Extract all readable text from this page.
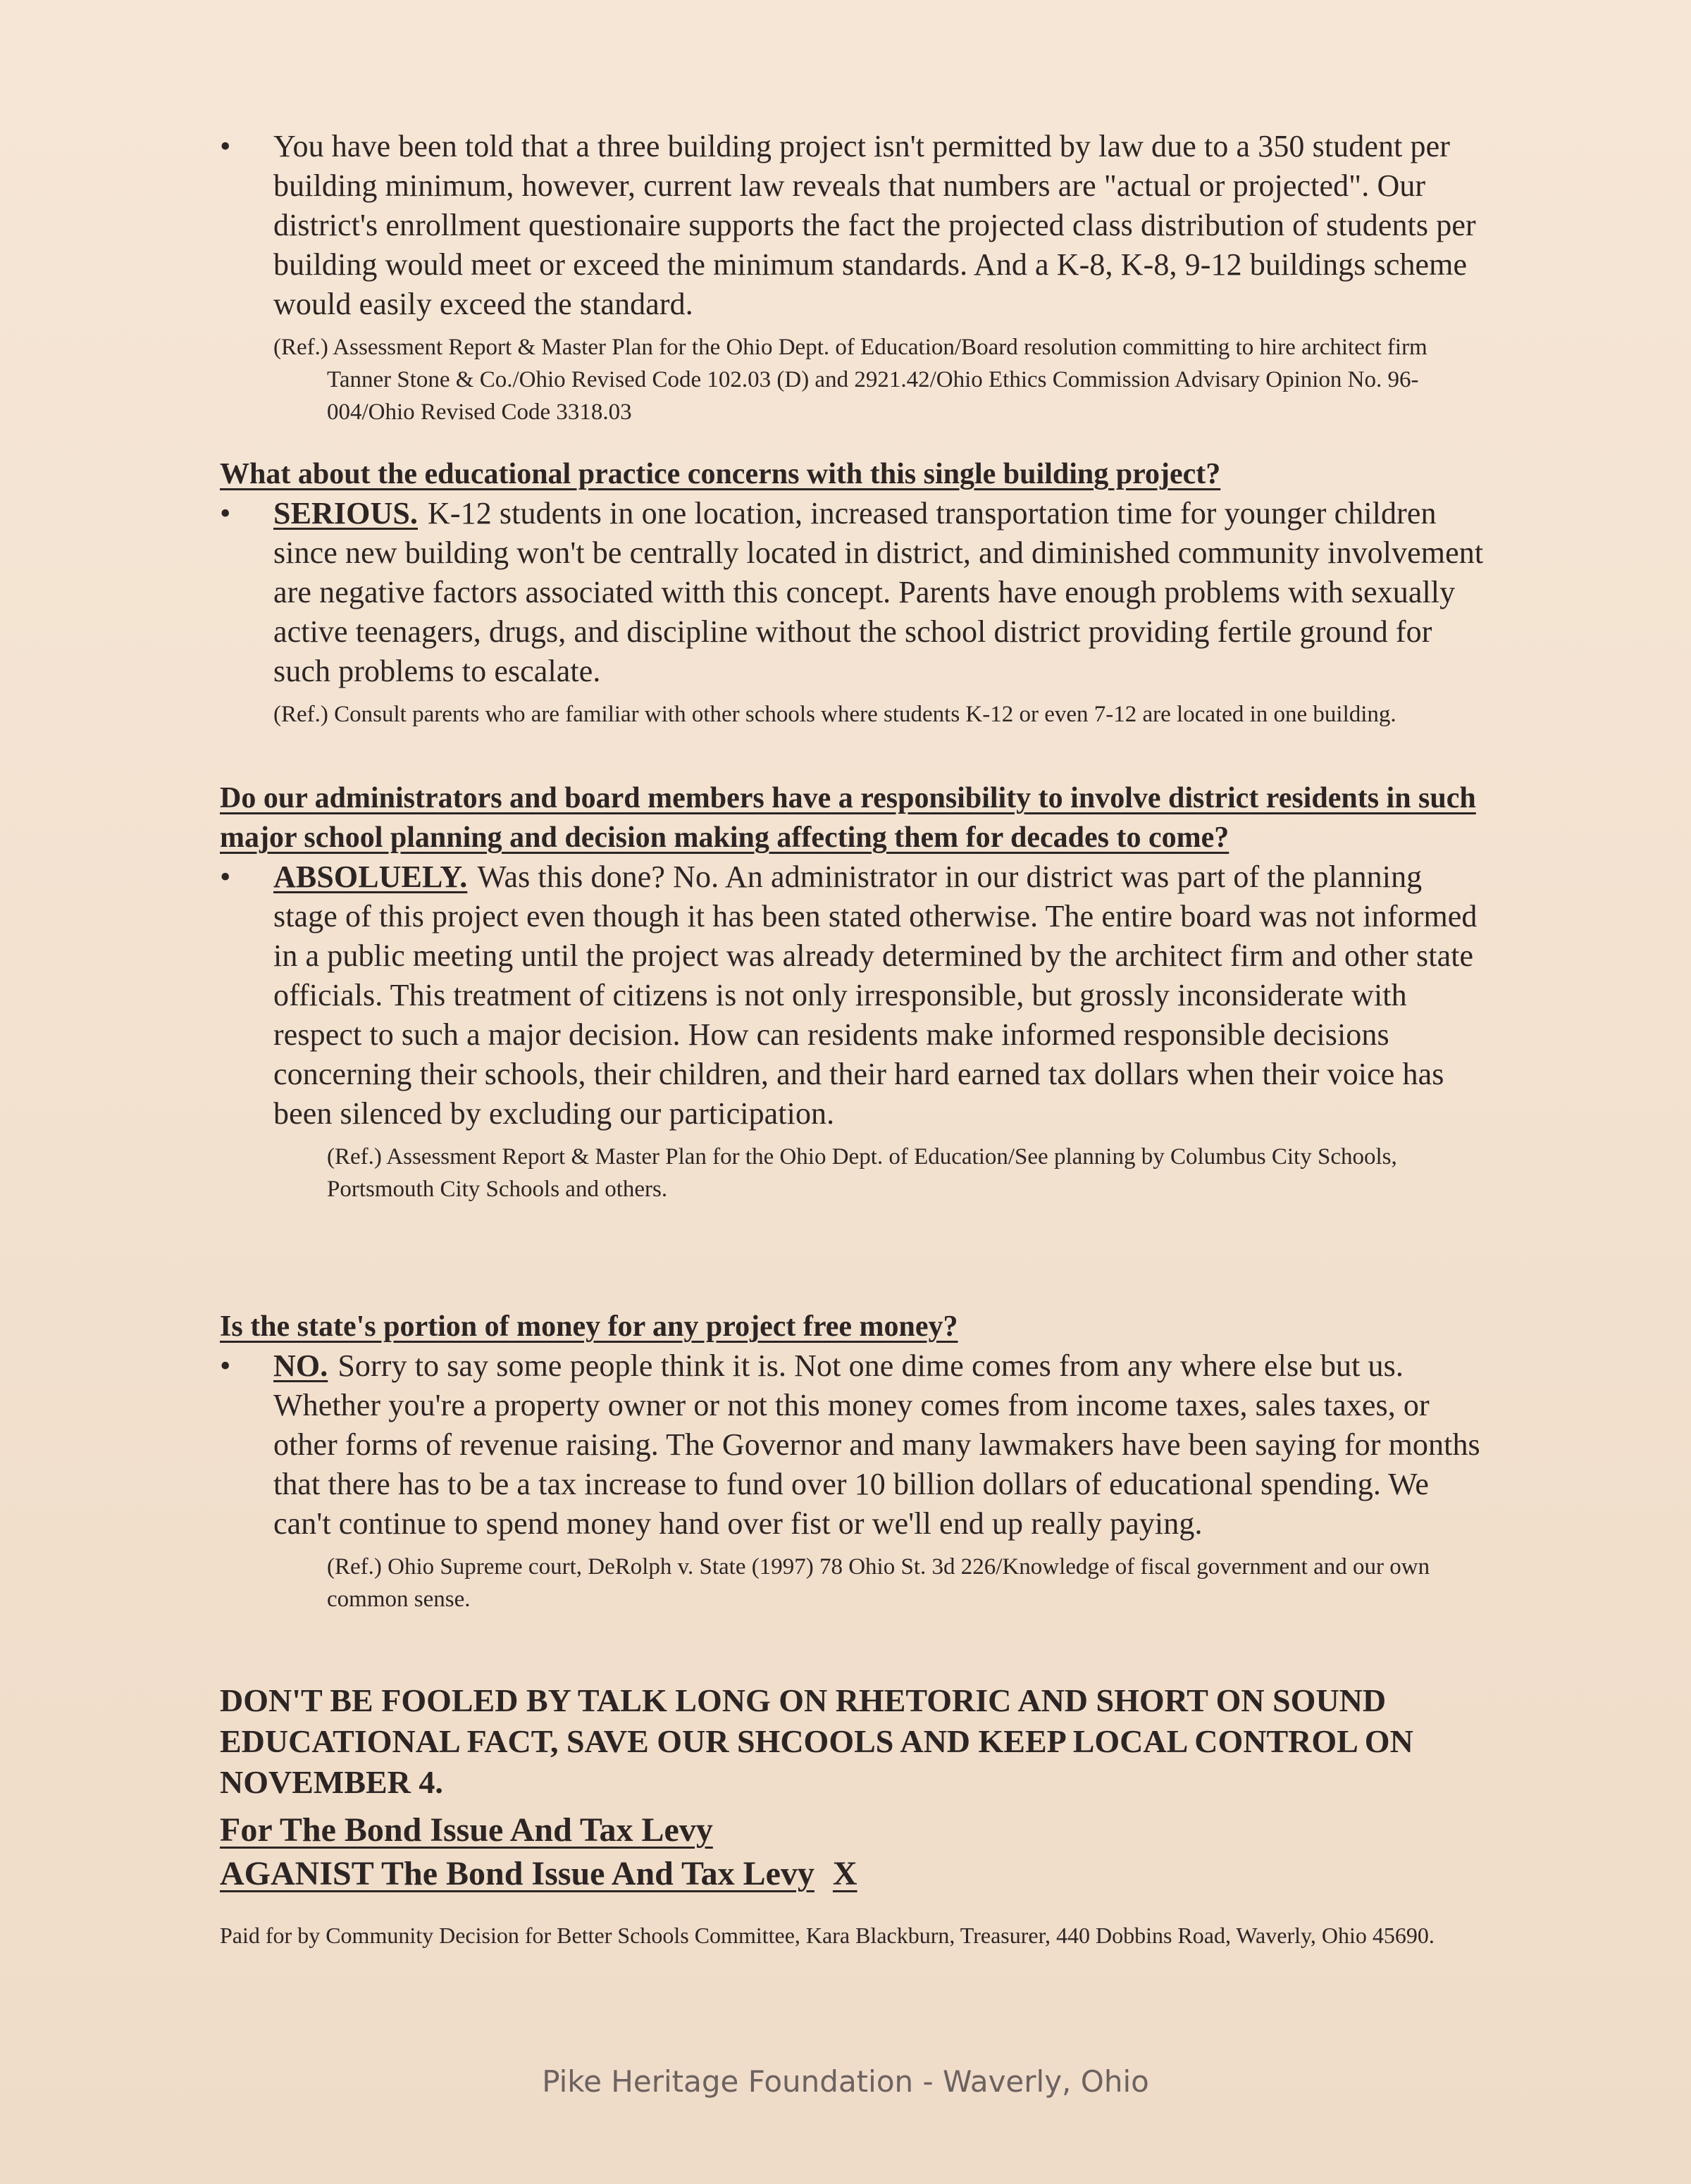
• You have been told that a three building project isn't permitted by law due to a 350 student per building minimum, however, current law reveals that numbers are "actual or projected". Our district's enrollment questionaire supports the fact the projected class distribution of students per building would meet or exceed the minimum standards. And a K-8, K-8, 9-12 buildings scheme would easily exceed the standard.

(Ref.) Assessment Report & Master Plan for the Ohio Dept. of Education/Board resolution committing to hire architect firm Tanner Stone & Co./Ohio Revised Code 102.03 (D) and 2921.42/Ohio Ethics Commission Advisary Opinion No. 96-004/Ohio Revised Code 3318.03

What about the educational practice concerns with this single building project?

• SERIOUS. K-12 students in one location, increased transportation time for younger children since new building won't be centrally located in district, and diminished community involvement are negative factors associated witth this concept. Parents have enough problems with sexually active teenagers, drugs, and discipline without the school district providing fertile ground for such problems to escalate.

(Ref.) Consult parents who are familiar with other schools where students K-12 or even 7-12 are located in one building.

Do our administrators and board members have a responsibility to involve district residents in such major school planning and decision making affecting them for decades to come?

• ABSOLUELY. Was this done? No. An administrator in our district was part of the planning stage of this project even though it has been stated otherwise. The entire board was not informed in a public meeting until the project was already determined by the architect firm and other state officials. This treatment of citizens is not only irresponsible, but grossly inconsiderate with respect to such a major decision. How can residents make informed responsible decisions concerning their schools, their children, and their hard earned tax dollars when their voice has been silenced by excluding our participation.

(Ref.) Assessment Report & Master Plan for the Ohio Dept. of Education/See planning by Columbus City Schools, Portsmouth City Schools and others.

Is the state's portion of money for any project free money?

• NO. Sorry to say some people think it is. Not one dime comes from any where else but us. Whether you're a property owner or not this money comes from income taxes, sales taxes, or other forms of revenue raising. The Governor and many lawmakers have been saying for months that there has to be a tax increase to fund over 10 billion dollars of educational spending. We can't continue to spend money hand over fist or we'll end up really paying.

(Ref.) Ohio Supreme court, DeRolph v. State (1997) 78 Ohio St. 3d 226/Knowledge of fiscal government and our own common sense.

DON'T BE FOOLED BY TALK LONG ON RHETORIC AND SHORT ON SOUND EDUCATIONAL FACT, SAVE OUR SHCOOLS AND KEEP LOCAL CONTROL ON NOVEMBER 4.

For The Bond Issue And Tax Levy

AGANIST The Bond Issue And Tax Levy X

Paid for by Community Decision for Better Schools Committee, Kara Blackburn, Treasurer, 440 Dobbins Road, Waverly, Ohio 45690.

Pike Heritage Foundation - Waverly, Ohio
